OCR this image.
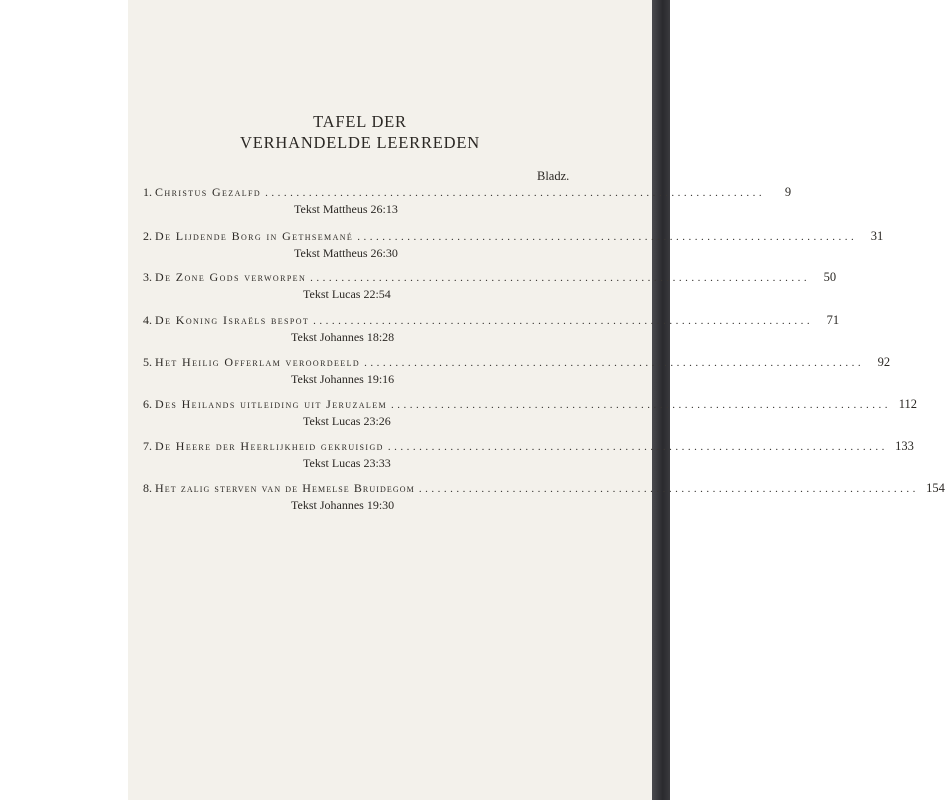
TAFEL DER
VERHANDELDE LEERREDEN
Bladz.
1.
Christus Gezalfd ................................................................................	9
Tekst Mattheus 26:13
2.
De Lijdende Borg in Gethsemané ................................................................................	31
Tekst Mattheus 26:30
3.
De Zone Gods verworpen ................................................................................	50
Tekst Lucas 22:54
4.
De Koning Israëls bespot ................................................................................	71
Tekst Johannes 18:28
5.
Het Heilig Offerlam veroordeeld ................................................................................	92
Tekst Johannes 19:16
6.
Des Heilands uitleiding uit Jeruzalem ................................................................................ 112
Tekst Lucas 23:26
7.
De Heere der Heerlijkheid gekruisigd ................................................................................ 133
Tekst Lucas 23:33
8.
Het zalig sterven van de Hemelse Bruidegom ................................................................................ 154
Tekst Johannes 19:30
